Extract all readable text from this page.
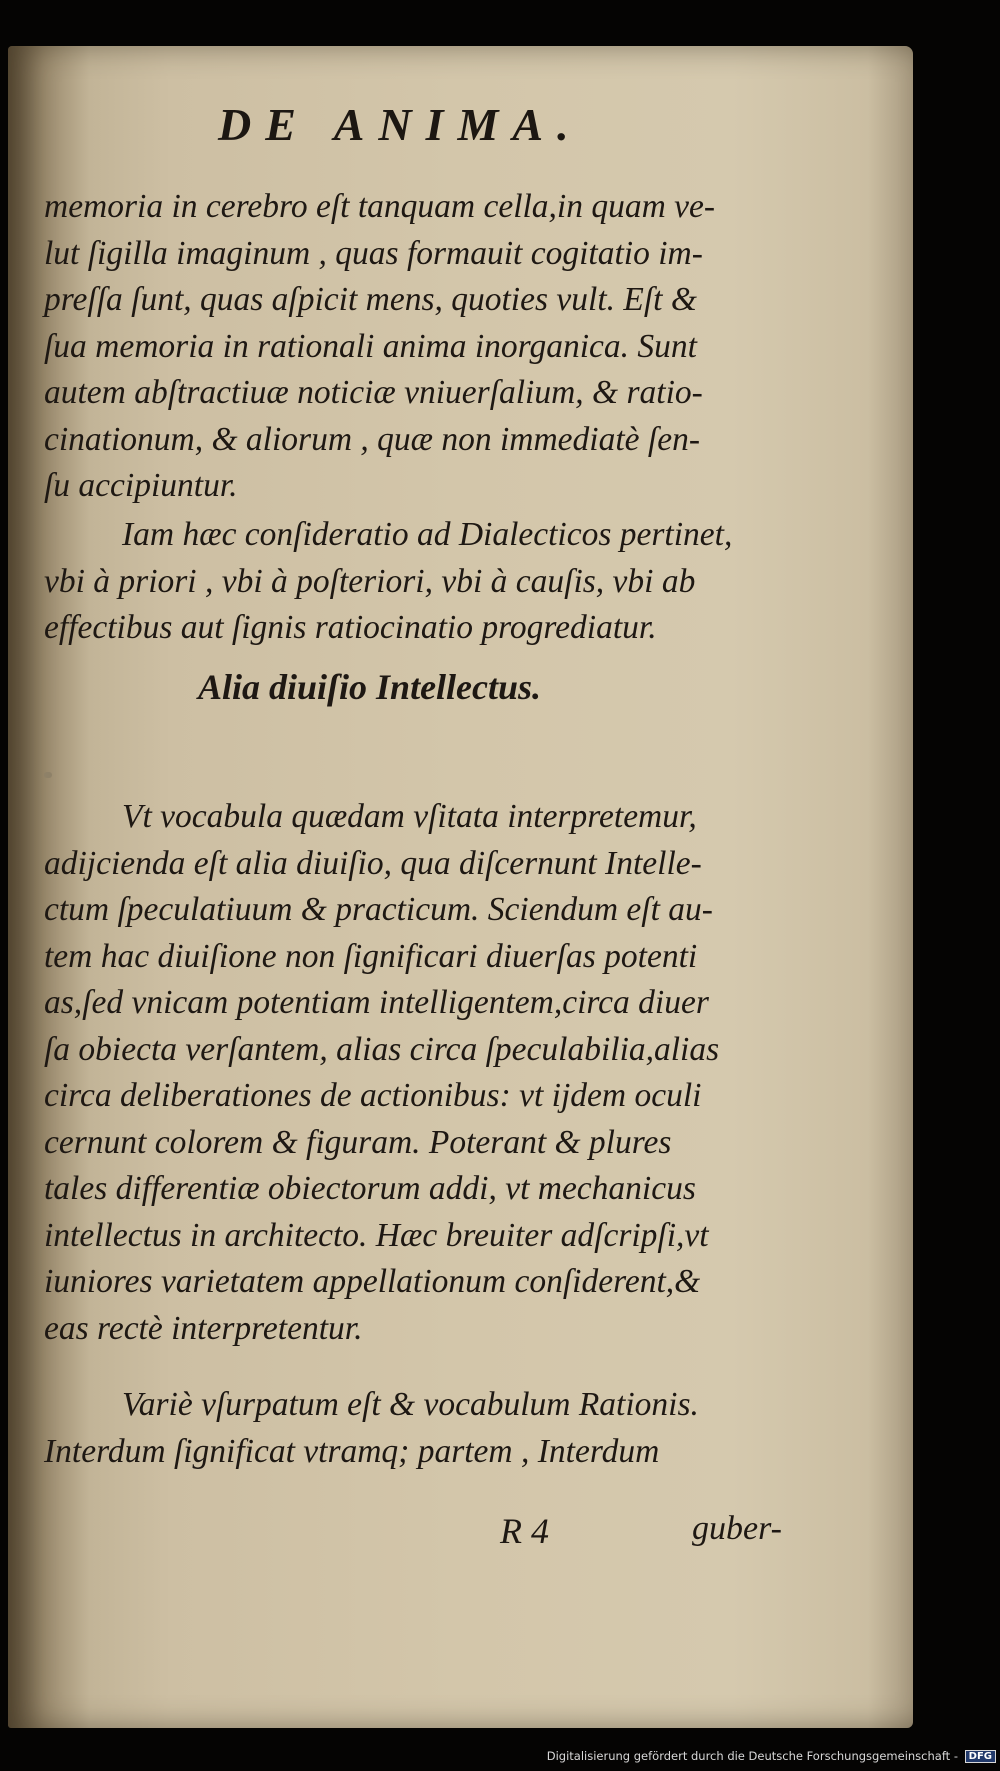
DE ANIMA.
memoria in cerebro eſt tanquam cella,in quam ve-
lut ſigilla imaginum , quas formauit cogitatio im-
preſſa ſunt, quas aſpicit mens, quoties vult. Eſt &
ſua memoria in rationali anima inorganica. Sunt
autem abſtractiuæ noticiæ vniuerſalium, & ratio-
cinationum, & aliorum , quæ non immediatè ſen-
ſu accipiuntur.
Iam hæc conſideratio ad Dialecticos pertinet,
vbi à priori , vbi à poſteriori, vbi à cauſis, vbi ab
effectibus aut ſignis ratiocinatio progrediatur.
Alia diuiſio Intellectus.
Vt vocabula quædam vſitata interpretemur,
adijcienda eſt alia diuiſio, qua diſcernunt Intelle-
ctum ſpeculatiuum & practicum. Sciendum eſt au-
tem hac diuiſione non ſignificari diuerſas potenti
as,ſed vnicam potentiam intelligentem,circa diuer
ſa obiecta verſantem, alias circa ſpeculabilia,alias
circa deliberationes de actionibus: vt ijdem oculi
cernunt colorem & figuram. Poterant & plures
tales differentiæ obiectorum addi, vt mechanicus
intellectus in architecto. Hæc breuiter adſcripſi,vt
iuniores varietatem appellationum conſiderent,&
eas rectè interpretentur.
Variè vſurpatum eſt & vocabulum Rationis.
Interdum ſignificat vtramq; partem , Interdum
R 4	guber-
Digitalisierung gefördert durch die Deutsche Forschungsgemeinschaft - DFG
